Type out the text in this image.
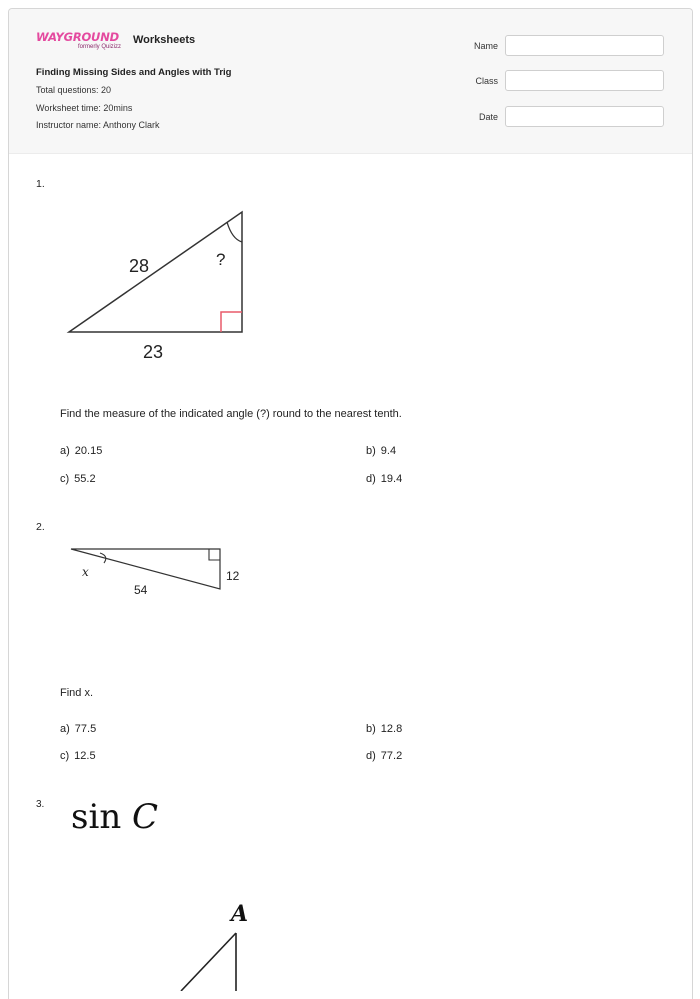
WAYGROUND
formerly Quizizz
Worksheets
Finding Missing Sides and Angles with Trig
Total questions: 20
Worksheet time: 20mins
Instructor name: Anthony Clark
Name
Class
Date
1.
28
23
?
Find the measure of the indicated angle (?) round to the nearest tenth.
a) 20.15	b) 9.4
c) 55.2	d) 19.4
2.
x
54
12
Find x.
a) 77.5	b) 12.8
c) 12.5	d) 77.2
3. sin C
A
